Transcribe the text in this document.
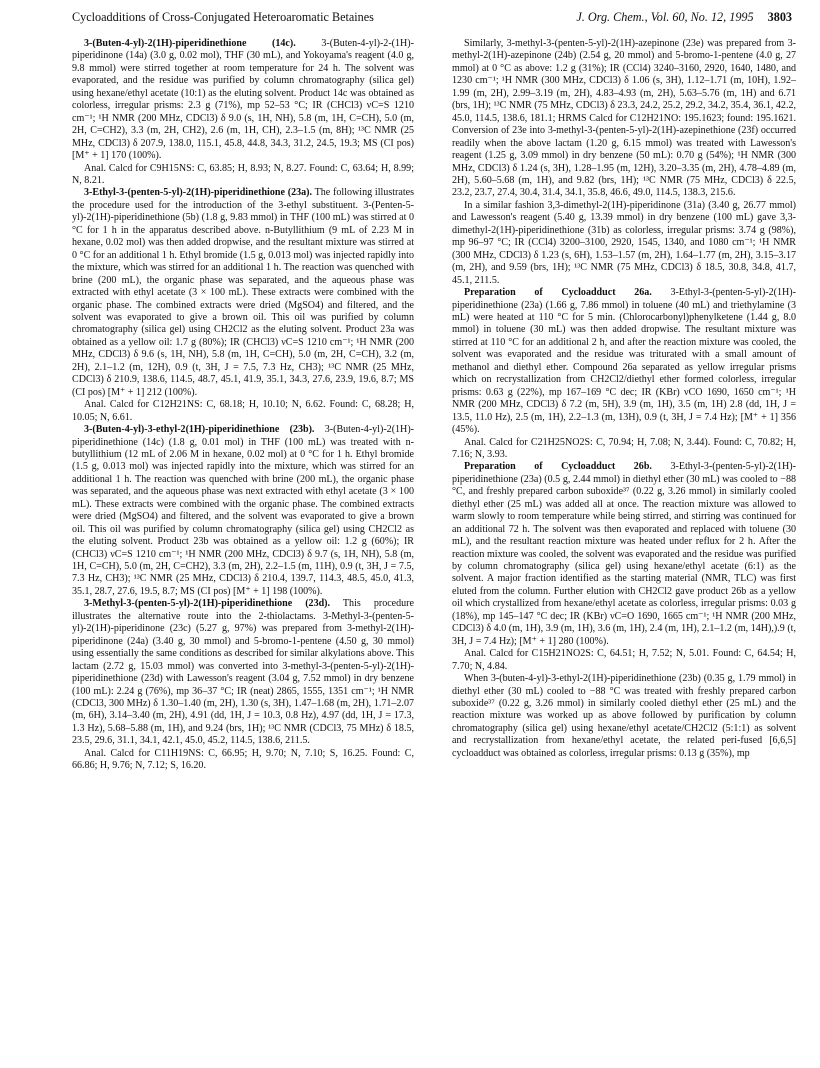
Cycloadditions of Cross-Conjugated Heteroaromatic Betaines	J. Org. Chem., Vol. 60, No. 12, 1995 3803

3-(Buten-4-yl)-2(1H)-piperidinethione (14c).	3-(Buten-4-yl)-2-(1H)-piperidinone (14a) (3.0 g, 0.02 mol), THF (30 mL), and Yokoyama's reagent (4.0 g, 9.8 mmol) were stirred together at room temperature for 24 h. The solvent was evaporated, and the residue was purified by column chromatography (silica gel) using hexane/ethyl acetate (10:1) as the eluting solvent. Product 14c was obtained as colorless, irregular prisms: 2.3 g (71%), mp 52–53 °C; IR (CHCl3) νC=S 1210 cm⁻¹; ¹H NMR (200 MHz, CDCl3) δ 9.0 (s, 1H, NH), 5.8 (m, 1H, C=CH), 5.0 (m, 2H, C=CH2), 3.3 (m, 2H, CH2), 2.6 (m, 1H, CH), 2.3–1.5 (m, 8H); ¹³C NMR (25 MHz, CDCl3) δ 207.9, 138.0, 115.1, 45.8, 44.8, 34.3, 31.2, 24.5, 19.3; MS (CI pos) [M⁺ + 1] 170 (100%).

Anal. Calcd for C9H15NS: C, 63.85; H, 8.93; N, 8.27. Found: C, 63.64; H, 8.99; N, 8.21.

3-Ethyl-3-(penten-5-yl)-2(1H)-piperidinethione (23a). The following illustrates the procedure used for the introduction of the 3-ethyl substituent. 3-(Penten-5-yl)-2(1H)-piperidinethione (5b) (1.8 g, 9.83 mmol) in THF (100 mL) was stirred at 0 °C for 1 h in the apparatus described above. n-Butyllithium (9 mL of 2.23 M in hexane, 0.02 mol) was then added dropwise, and the resultant mixture was stirred at 0 °C for an additional 1 h. Ethyl bromide (1.5 g, 0.013 mol) was injected rapidly into the mixture, which was stirred for an additional 1 h. The reaction was quenched with brine (200 mL), the organic phase was separated, and the aqueous phase was extracted with ethyl acetate (3 × 100 mL). These extracts were combined with the organic phase. The combined extracts were dried (MgSO4) and filtered, and the solvent was evaporated to give a brown oil. This oil was purified by column chromatography (silica gel) using CH2Cl2 as the eluting solvent. Product 23a was obtained as a yellow oil: 1.7 g (80%); IR (CHCl3) νC=S 1210 cm⁻¹; ¹H NMR (200 MHz, CDCl3) δ 9.6 (s, 1H, NH), 5.8 (m, 1H, C=CH), 5.0 (m, 2H, C=CH), 3.2 (m, 2H), 2.1–1.2 (m, 12H), 0.9 (t, 3H, J = 7.5, 7.3 Hz, CH3); ¹³C NMR (25 MHz, CDCl3) δ 210.9, 138.6, 114.5, 48.7, 45.1, 41.9, 35.1, 34.3, 27.6, 23.9, 19.6, 8.7; MS (CI pos) [M⁺ + 1] 212 (100%).

Anal. Calcd for C12H21NS: C, 68.18; H, 10.10; N, 6.62. Found: C, 68.28; H, 10.05; N, 6.61.

3-(Buten-4-yl)-3-ethyl-2(1H)-piperidinethione (23b). 3-(Buten-4-yl)-2(1H)-piperidinethione (14c) (1.8 g, 0.01 mol) in THF (100 mL) was treated with n-butyllithium (12 mL of 2.06 M in hexane, 0.02 mol) at 0 °C for 1 h. Ethyl bromide (1.5 g, 0.013 mol) was injected rapidly into the mixture, which was stirred for an additional 1 h. The reaction was quenched with brine (200 mL), the organic phase was separated, and the aqueous phase was next extracted with ethyl acetate (3 × 100 mL). These extracts were combined with the organic phase. The combined extracts were dried (MgSO4) and filtered, and the solvent was evaporated to give a brown oil. This oil was purified by column chromatography (silica gel) using CH2Cl2 as the eluting solvent. Product 23b was obtained as a yellow oil: 1.2 g (60%); IR (CHCl3) νC=S 1210 cm⁻¹; ¹H NMR (200 MHz, CDCl3) δ 9.7 (s, 1H, NH), 5.8 (m, 1H, C=CH), 5.0 (m, 2H, C=CH2), 3.3 (m, 2H), 2.2–1.5 (m, 11H), 0.9 (t, 3H, J = 7.5, 7.3 Hz, CH3); ¹³C NMR (25 MHz, CDCl3) δ 210.4, 139.7, 114.3, 48.5, 45.0, 41.3, 35.1, 28.7, 27.6, 19.5, 8.7; MS (CI pos) [M⁺ + 1] 198 (100%).

3-Methyl-3-(penten-5-yl)-2(1H)-piperidinethione (23d). This procedure illustrates the alternative route into the 2-thiolactams. 3-Methyl-3-(penten-5-yl)-2(1H)-piperidinone (23c) (5.27 g, 97%) was prepared from 3-methyl-2(1H)-piperidinone (24a) (3.40 g, 30 mmol) and 5-bromo-1-pentene (4.50 g, 30 mmol) using essentially the same conditions as described for similar alkylations above. This lactam (2.72 g, 15.03 mmol) was converted into 3-methyl-3-(penten-5-yl)-2(1H)-piperidinethione (23d) with Lawesson's reagent (3.04 g, 7.52 mmol) in dry benzene (100 mL): 2.24 g (76%), mp 36–37 °C; IR (neat) 2865, 1555, 1351 cm⁻¹; ¹H NMR (CDCl3, 300 MHz) δ 1.30–1.40 (m, 2H), 1.30 (s, 3H), 1.47–1.68 (m, 2H), 1.71–2.07 (m, 6H), 3.14–3.40 (m, 2H), 4.91 (dd, 1H, J = 10.3, 0.8 Hz), 4.97 (dd, 1H, J = 17.3, 1.3 Hz), 5.68–5.88 (m, 1H), and 9.24 (brs, 1H); ¹³C NMR (CDCl3, 75 MHz) δ 18.5, 23.5, 29.6, 31.1, 34.1, 42.1, 45.0, 45.2, 114.5, 138.6, 211.5.

Anal. Calcd for C11H19NS: C, 66.95; H, 9.70; N, 7.10; S, 16.25. Found: C, 66.86; H, 9.76; N, 7.12; S, 16.20.

Similarly, 3-methyl-3-(penten-5-yl)-2(1H)-azepinone (23e) was prepared from 3-methyl-2(1H)-azepinone (24b) (2.54 g, 20 mmol) and 5-bromo-1-pentene (4.0 g, 27 mmol) at 0 °C as above: 1.2 g (31%); IR (CCl4) 3240–3160, 2920, 1640, 1480, and 1230 cm⁻¹; ¹H NMR (300 MHz, CDCl3) δ 1.06 (s, 3H), 1.12–1.71 (m, 10H), 1.92–1.99 (m, 2H), 2.99–3.19 (m, 2H), 4.83–4.93 (m, 2H), 5.63–5.76 (m, 1H) and 6.71 (brs, 1H); ¹³C NMR (75 MHz, CDCl3) δ 23.3, 24.2, 25.2, 29.2, 34.2, 35.4, 36.1, 42.2, 45.0, 114.5, 138.6, 181.1; HRMS Calcd for C12H21NO: 195.1623; found: 195.1621. Conversion of 23e into 3-methyl-3-(penten-5-yl)-2(1H)-azepinethione (23f) occurred readily when the above lactam (1.20 g, 6.15 mmol) was treated with Lawesson's reagent (1.25 g, 3.09 mmol) in dry benzene (50 mL): 0.70 g (54%); ¹H NMR (300 MHz, CDCl3) δ 1.24 (s, 3H), 1.28–1.95 (m, 12H), 3.20–3.35 (m, 2H), 4.78–4.89 (m, 2H), 5.60–5.68 (m, 1H), and 9.82 (brs, 1H); ¹³C NMR (75 MHz, CDCl3) δ 22.5, 23.2, 23.7, 27.4, 30.4, 31.4, 34.1, 35.8, 46.6, 49.0, 114.5, 138.3, 215.6.

In a similar fashion 3,3-dimethyl-2(1H)-piperidinone (31a) (3.40 g, 26.77 mmol) and Lawesson's reagent (5.40 g, 13.39 mmol) in dry benzene (100 mL) gave 3,3-dimethyl-2(1H)-piperidinethione (31b) as colorless, irregular prisms: 3.74 g (98%), mp 96–97 °C; IR (CCl4) 3200–3100, 2920, 1545, 1340, and 1080 cm⁻¹; ¹H NMR (300 MHz, CDCl3) δ 1.23 (s, 6H), 1.53–1.57 (m, 2H), 1.64–1.77 (m, 2H), 3.15–3.17 (m, 2H), and 9.59 (brs, 1H); ¹³C NMR (75 MHz, CDCl3) δ 18.5, 30.8, 34.8, 41.7, 45.1, 211.5.

Preparation of Cycloadduct 26a. 3-Ethyl-3-(penten-5-yl)-2(1H)-piperidinethione (23a) (1.66 g, 7.86 mmol) in toluene (40 mL) and triethylamine (3 mL) were heated at 110 °C for 5 min. (Chlorocarbonyl)phenylketene (1.44 g, 8.0 mmol) in toluene (30 mL) was then added dropwise. The resultant mixture was stirred at 110 °C for an additional 2 h, and after the reaction mixture was cooled, the solvent was evaporated and the residue was triturated with a small amount of methanol and diethyl ether. Compound 26a separated as yellow irregular prisms which on recrystallization from CH2Cl2/diethyl ether formed colorless, irregular prisms: 0.63 g (22%), mp 167–169 °C dec; IR (KBr) νCO 1690, 1650 cm⁻¹; ¹H NMR (200 MHz, CDCl3) δ 7.2 (m, 5H), 3.9 (m, 1H), 3.5 (m, 1H) 2.8 (dd, 1H, J = 13.5, 11.0 Hz), 2.5 (m, 1H), 2.2–1.3 (m, 13H), 0.9 (t, 3H, J = 7.4 Hz); [M⁺ + 1] 356 (45%).

Anal. Calcd for C21H25NO2S: C, 70.94; H, 7.08; N, 3.44). Found: C, 70.82; H, 7.16; N, 3.93.

Preparation of Cycloadduct 26b. 3-Ethyl-3-(penten-5-yl)-2(1H)-piperidinethione (23a) (0.5 g, 2.44 mmol) in diethyl ether (30 mL) was cooled to −88 °C, and freshly prepared carbon suboxide³⁷ (0.22 g, 3.26 mmol) in similarly cooled diethyl ether (25 mL) was added all at once. The reaction mixture was allowed to warm slowly to room temperature while being stirred, and stirring was continued for an additional 72 h. The solvent was then evaporated and replaced with toluene (30 mL), and the resultant reaction mixture was heated under reflux for 2 h. After the reaction mixture was cooled, the solvent was evaporated and the residue was purified by column chromatography (silica gel) using hexane/ethyl acetate (6:1) as the solvent. A major fraction identified as the starting material (NMR, TLC) was first eluted from the column. Further elution with CH2Cl2 gave product 26b as a yellow oil which crystallized from hexane/ethyl acetate as colorless, irregular prisms: 0.03 g (18%), mp 145–147 °C dec; IR (KBr) νC=O 1690, 1665 cm⁻¹; ¹H NMR (200 MHz, CDCl3) δ 4.0 (m, 1H), 3.9 (m, 1H), 3.6 (m, 1H), 2.4 (m, 1H), 2.1–1.2 (m, 14H),).9 (t, 3H, J = 7.4 Hz); [M⁺ + 1] 280 (100%).

Anal. Calcd for C15H21NO2S: C, 64.51; H, 7.52; N, 5.01. Found: C, 64.54; H, 7.70; N, 4.84.

When 3-(buten-4-yl)-3-ethyl-2(1H)-piperidinethione (23b) (0.35 g, 1.79 mmol) in diethyl ether (30 mL) cooled to −88 °C was treated with freshly prepared carbon suboxide³⁷ (0.22 g, 3.26 mmol) in similarly cooled diethyl ether (25 mL) and the reaction mixture was worked up as above followed by purification by column chromatography (silica gel) using hexane/ethyl acetate/CH2Cl2 (5:1:1) as solvent and recrystallization from hexane/ethyl acetate, the related peri-fused [6,6,5] cycloadduct was obtained as colorless, irregular prisms: 0.13 g (35%), mp
